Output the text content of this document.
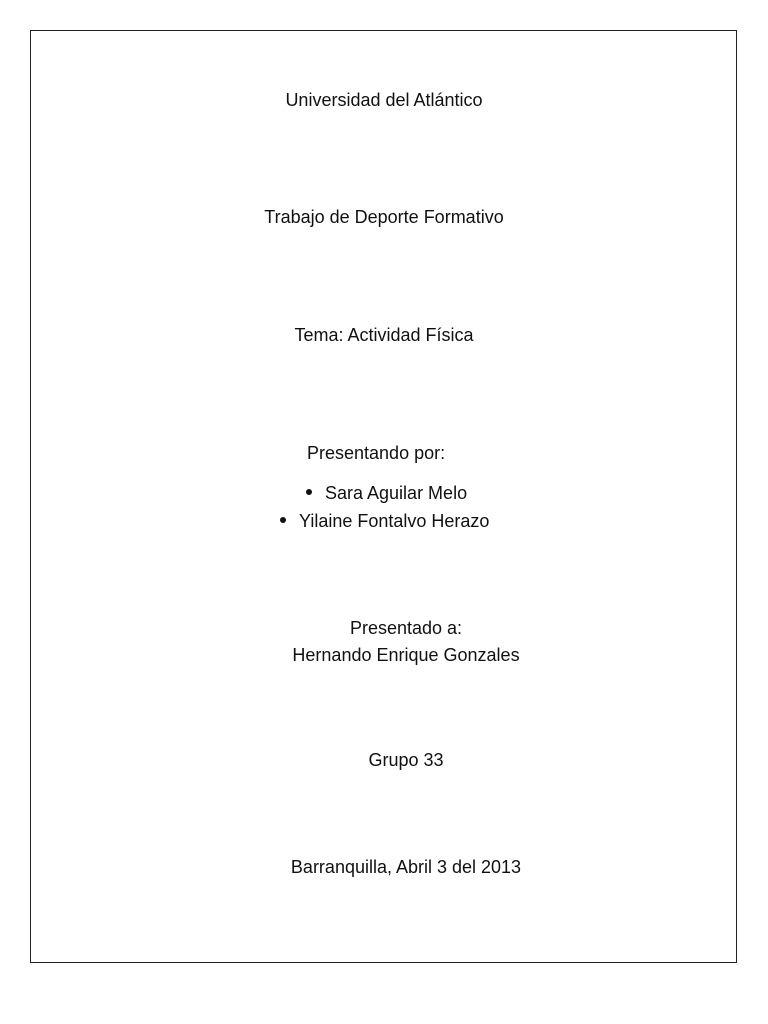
Universidad del Atlántico
Trabajo de Deporte Formativo
Tema: Actividad Física
Presentando por:
Sara Aguilar Melo
Yilaine Fontalvo Herazo
Presentado a:
Hernando Enrique Gonzales
Grupo 33
Barranquilla, Abril 3 del 2013
